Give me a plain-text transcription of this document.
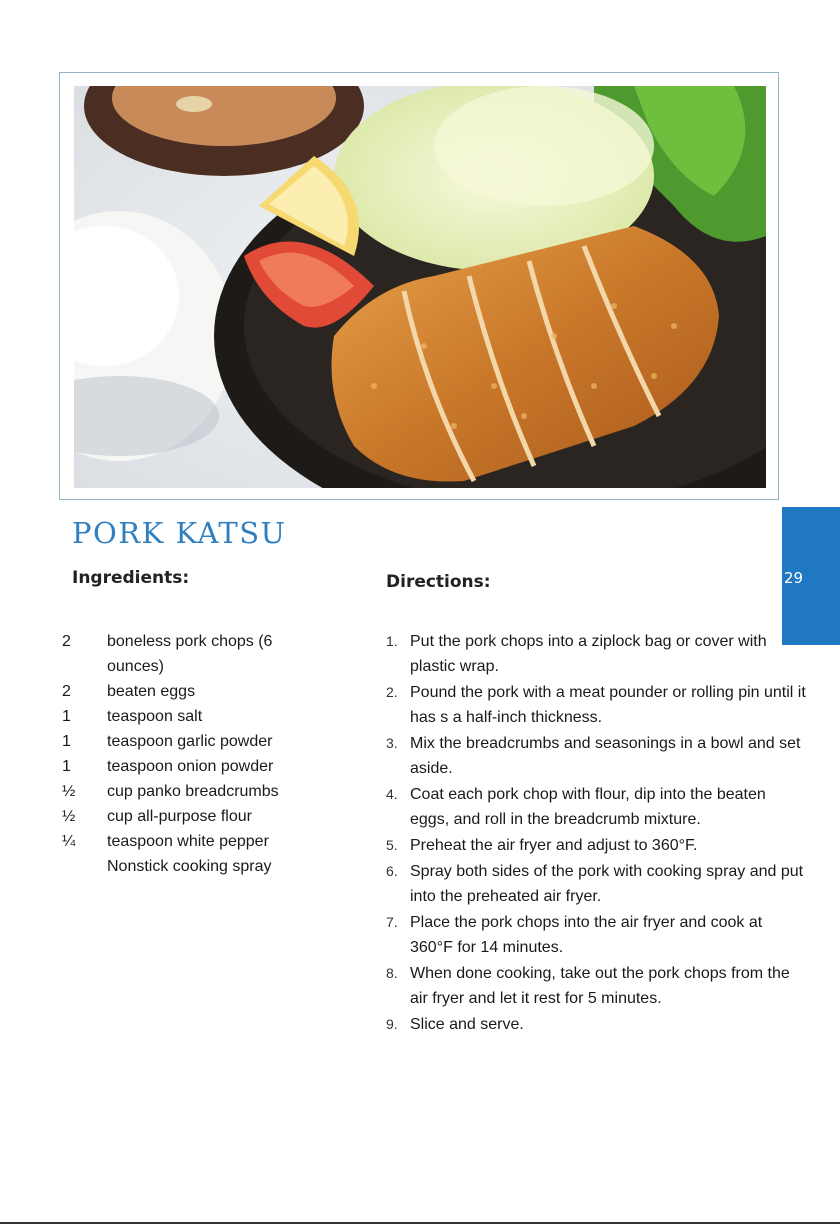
PORK KATSU
Ingredients:	Directions:	29
2	boneless pork chops (6 ounces)
2	beaten eggs
1	teaspoon salt
1	teaspoon garlic powder
1	teaspoon onion powder
½	cup panko breadcrumbs
½	cup all-purpose flour
¼	teaspoon white pepper
Nonstick cooking spray
1. Put the pork chops into a ziplock bag or cover with plastic wrap.
2. Pound the pork with a meat pounder or rolling pin until it has s a half-inch thickness.
3. Mix the breadcrumbs and seasonings in a bowl and set aside.
4. Coat each pork chop with flour, dip into the beaten eggs, and roll in the breadcrumb mixture.
5. Preheat the air fryer and adjust to 360°F.
6. Spray both sides of the pork with cooking spray and put into the preheated air fryer.
7. Place the pork chops into the air fryer and cook at 360°F for 14 minutes.
8. When done cooking, take out the pork chops from the air fryer and let it rest for 5 minutes.
9. Slice and serve.
